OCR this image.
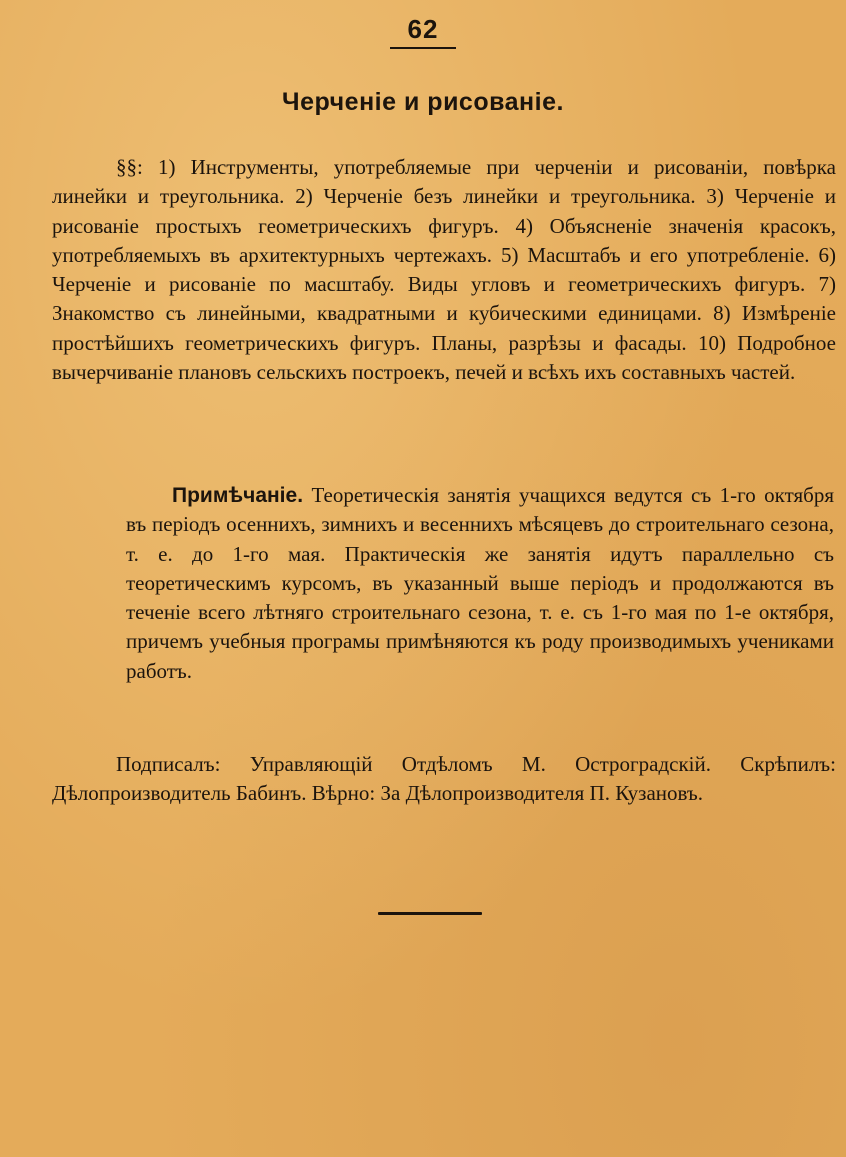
62
Черченіе и рисованіе.

§§: 1) Инструменты, употребляемые при черченіи и рисованіи, повѣрка линейки и треугольника. 2) Черченіе безъ линейки и треугольника. 3) Черченіе и рисованіе простыхъ геометрическихъ фигуръ. 4) Объясненіе значенія красокъ, употребляемыхъ въ архитектурныхъ чертежахъ. 5) Масштабъ и его употребленіе. 6) Черченіе и рисованіе по масштабу. Виды угловъ и геометрическихъ фигуръ. 7) Знакомство съ линейными, квадратными и кубическими единицами. 8) Измѣреніе простѣйшихъ геометрическихъ фигуръ. Планы, разрѣзы и фасады. 10) Подробное вычерчиваніе плановъ сельскихъ построекъ, печей и всѣхъ ихъ составныхъ частей.

Примѣчаніе. Теоретическія занятія учащихся ведутся съ 1-го октября въ періодъ осеннихъ, зимнихъ и весеннихъ мѣсяцевъ до строительнаго сезона, т. е. до 1-го мая. Практическія же занятія идутъ параллельно съ теоретическимъ курсомъ, въ указанный выше періодъ и продолжаются въ теченіе всего лѣтняго строительнаго сезона, т. е. съ 1-го мая по 1-е октября, причемъ учебныя програмы примѣняются къ роду производимыхъ учениками работъ.

Подписалъ: Управляющій Отдѣломъ М. Остроградскій. Скрѣпилъ: Дѣлопроизводитель Бабинъ. Вѣрно: За Дѣлопроизводителя П. Кузановъ.
